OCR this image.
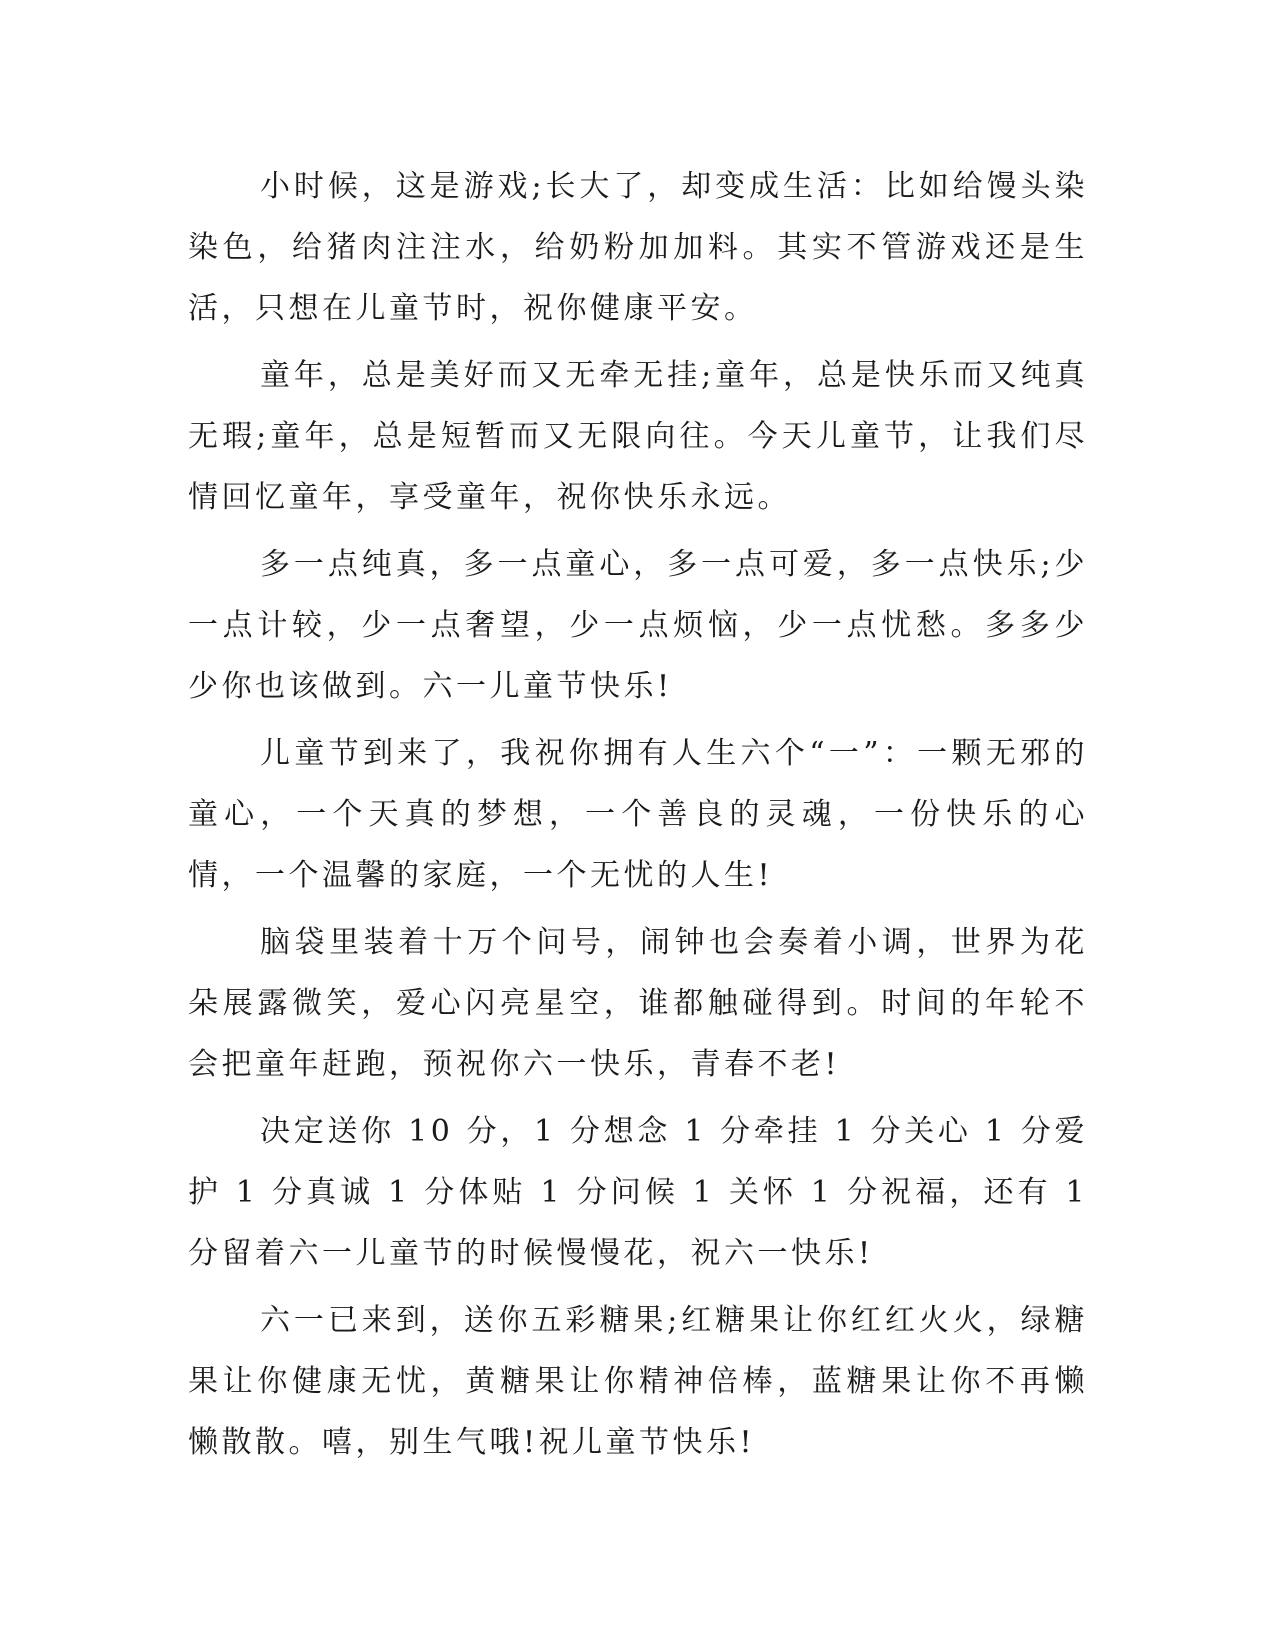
小时候，这是游戏;长大了，却变成生活：比如给馒头染染色，给猪肉注注水，给奶粉加加料。其实不管游戏还是生活，只想在儿童节时，祝你健康平安。

童年，总是美好而又无牵无挂;童年，总是快乐而又纯真无瑕;童年，总是短暂而又无限向往。今天儿童节，让我们尽情回忆童年，享受童年，祝你快乐永远。

多一点纯真，多一点童心，多一点可爱，多一点快乐;少一点计较，少一点奢望，少一点烦恼，少一点忧愁。多多少少你也该做到。六一儿童节快乐!

儿童节到来了，我祝你拥有人生六个“一”：一颗无邪的童心，一个天真的梦想，一个善良的灵魂，一份快乐的心情，一个温馨的家庭，一个无忧的人生!

脑袋里装着十万个问号，闹钟也会奏着小调，世界为花朵展露微笑，爱心闪亮星空，谁都触碰得到。时间的年轮不会把童年赶跑，预祝你六一快乐，青春不老!

决定送你 10 分，1 分想念 1 分牵挂 1 分关心 1 分爱护 1 分真诚 1 分体贴 1 分问候 1 关怀 1 分祝福，还有 1 分留着六一儿童节的时候慢慢花，祝六一快乐!

六一已来到，送你五彩糖果;红糖果让你红红火火，绿糖果让你健康无忧，黄糖果让你精神倍棒，蓝糖果让你不再懒懒散散。嘻，别生气哦!祝儿童节快乐!
